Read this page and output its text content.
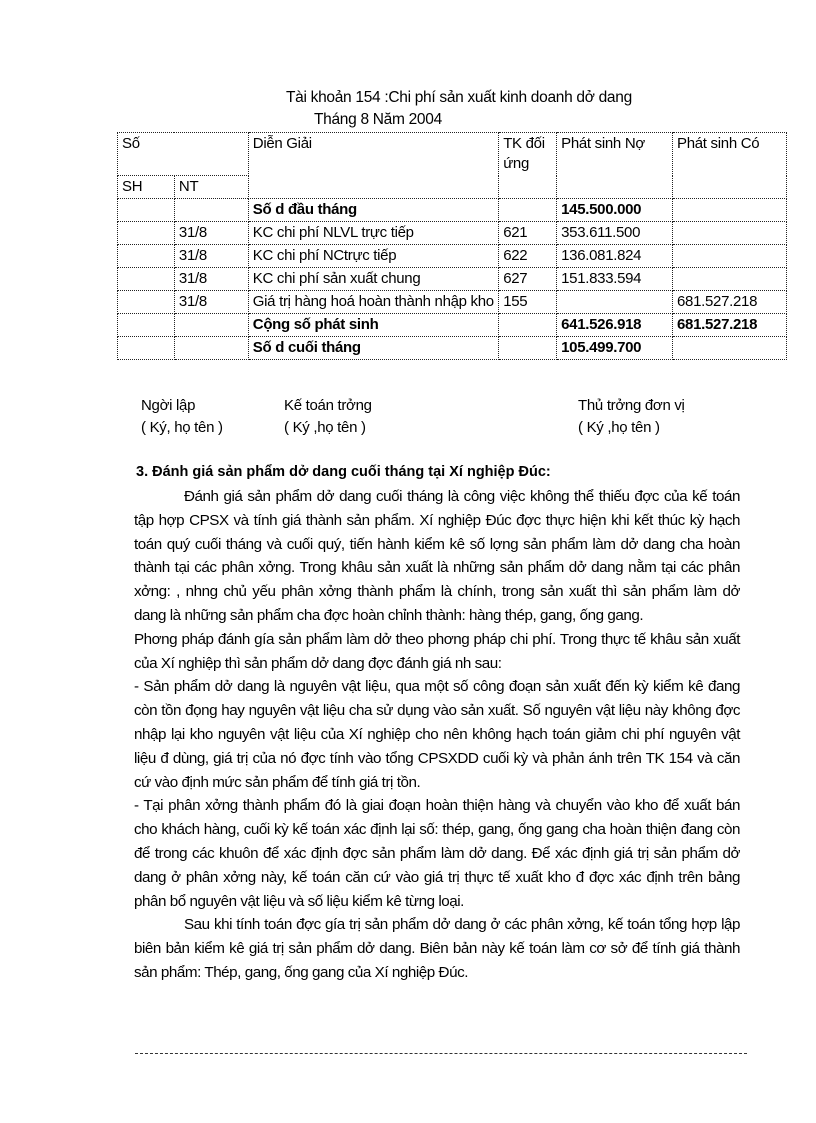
Tài khoản 154 :Chi phí sản xuất kinh doanh dở dang
Tháng 8 Năm 2004
Số		Diễn Giải	TK đối ứng	Phát sinh Nợ	Phát sinh Có
SH	NT				
		Số d đầu tháng		145.500.000	
	31/8	KC chi phí NLVL trực tiếp	621	353.611.500	
	31/8	KC chi phí NCtrực tiếp	622	136.081.824	
	31/8	KC chi phí sản xuất chung	627	151.833.594	
	31/8	Giá trị hàng hoá hoàn thành nhập kho	155		681.527.218
		Cộng số phát sinh		641.526.918	681.527.218
		Số d cuối tháng		105.499.700	
Ngời lập
( Ký, họ tên )
Kế toán trởng
( Ký ,họ tên )
Thủ trởng đơn vị
( Ký ,họ tên )
3. Đánh giá sản phẩm dở dang cuối tháng tại Xí nghiệp Đúc:

Đánh giá sản phẩm dở dang cuối tháng là công việc không thể thiếu đợc của kế toán tập hợp CPSX và tính giá thành sản phẩm. Xí nghiệp Đúc đợc thực hiện khi kết thúc kỳ hạch toán quý cuối tháng và cuối quý, tiến hành kiểm kê số lợng sản phẩm làm dở dang cha hoàn thành tại các phân xởng. Trong khâu sản xuất là những sản phẩm dở dang nằm tại các phân xởng: , nhng chủ yếu phân xởng thành phẩm là chính, trong sản xuất thì sản phẩm làm dở dang là những sản phẩm cha đợc hoàn chỉnh thành: hàng thép, gang, ống gang.

Phơng pháp đánh gía sản phẩm làm dở theo phơng pháp chi phí. Trong thực tế khâu sản xuất của Xí nghiệp thì sản phẩm dở dang đợc đánh giá nh sau:

- Sản phẩm dở dang là nguyên vật liệu, qua một số công đoạn sản xuất đến kỳ kiểm kê đang còn tồn đọng hay nguyên vật liệu cha sử dụng vào sản xuất. Số nguyên vật liệu này không đợc nhập lại kho nguyên vật liệu của Xí nghiệp cho nên không hạch toán giảm chi phí nguyên vật liệu đ dùng, giá trị của nó đợc tính vào tổng CPSXDD cuối kỳ và phản ánh trên TK 154 và căn cứ vào định mức sản phẩm để tính giá trị tồn.

- Tại phân xởng thành phẩm đó là giai đoạn hoàn thiện hàng và chuyển vào kho để xuất bán cho khách hàng, cuối kỳ kế toán xác định lại số: thép, gang, ống gang cha hoàn thiện đang còn để trong các khuôn để xác định đợc sản phẩm làm dở dang. Để xác định giá trị sản phẩm dở dang ở phân xởng này, kế toán căn cứ vào giá trị thực tế xuất kho đ đợc xác định trên bảng phân bổ nguyên vật liệu và số liệu kiểm kê từng loại.

Sau khi tính toán đợc gía trị sản phẩm dở dang ở các phân xởng, kế toán tổng hợp lập biên bản kiểm kê giá trị sản phẩm dở dang. Biên bản này kế toán làm cơ sở để tính giá thành sản phẩm: Thép, gang, ống gang của Xí nghiệp Đúc.
